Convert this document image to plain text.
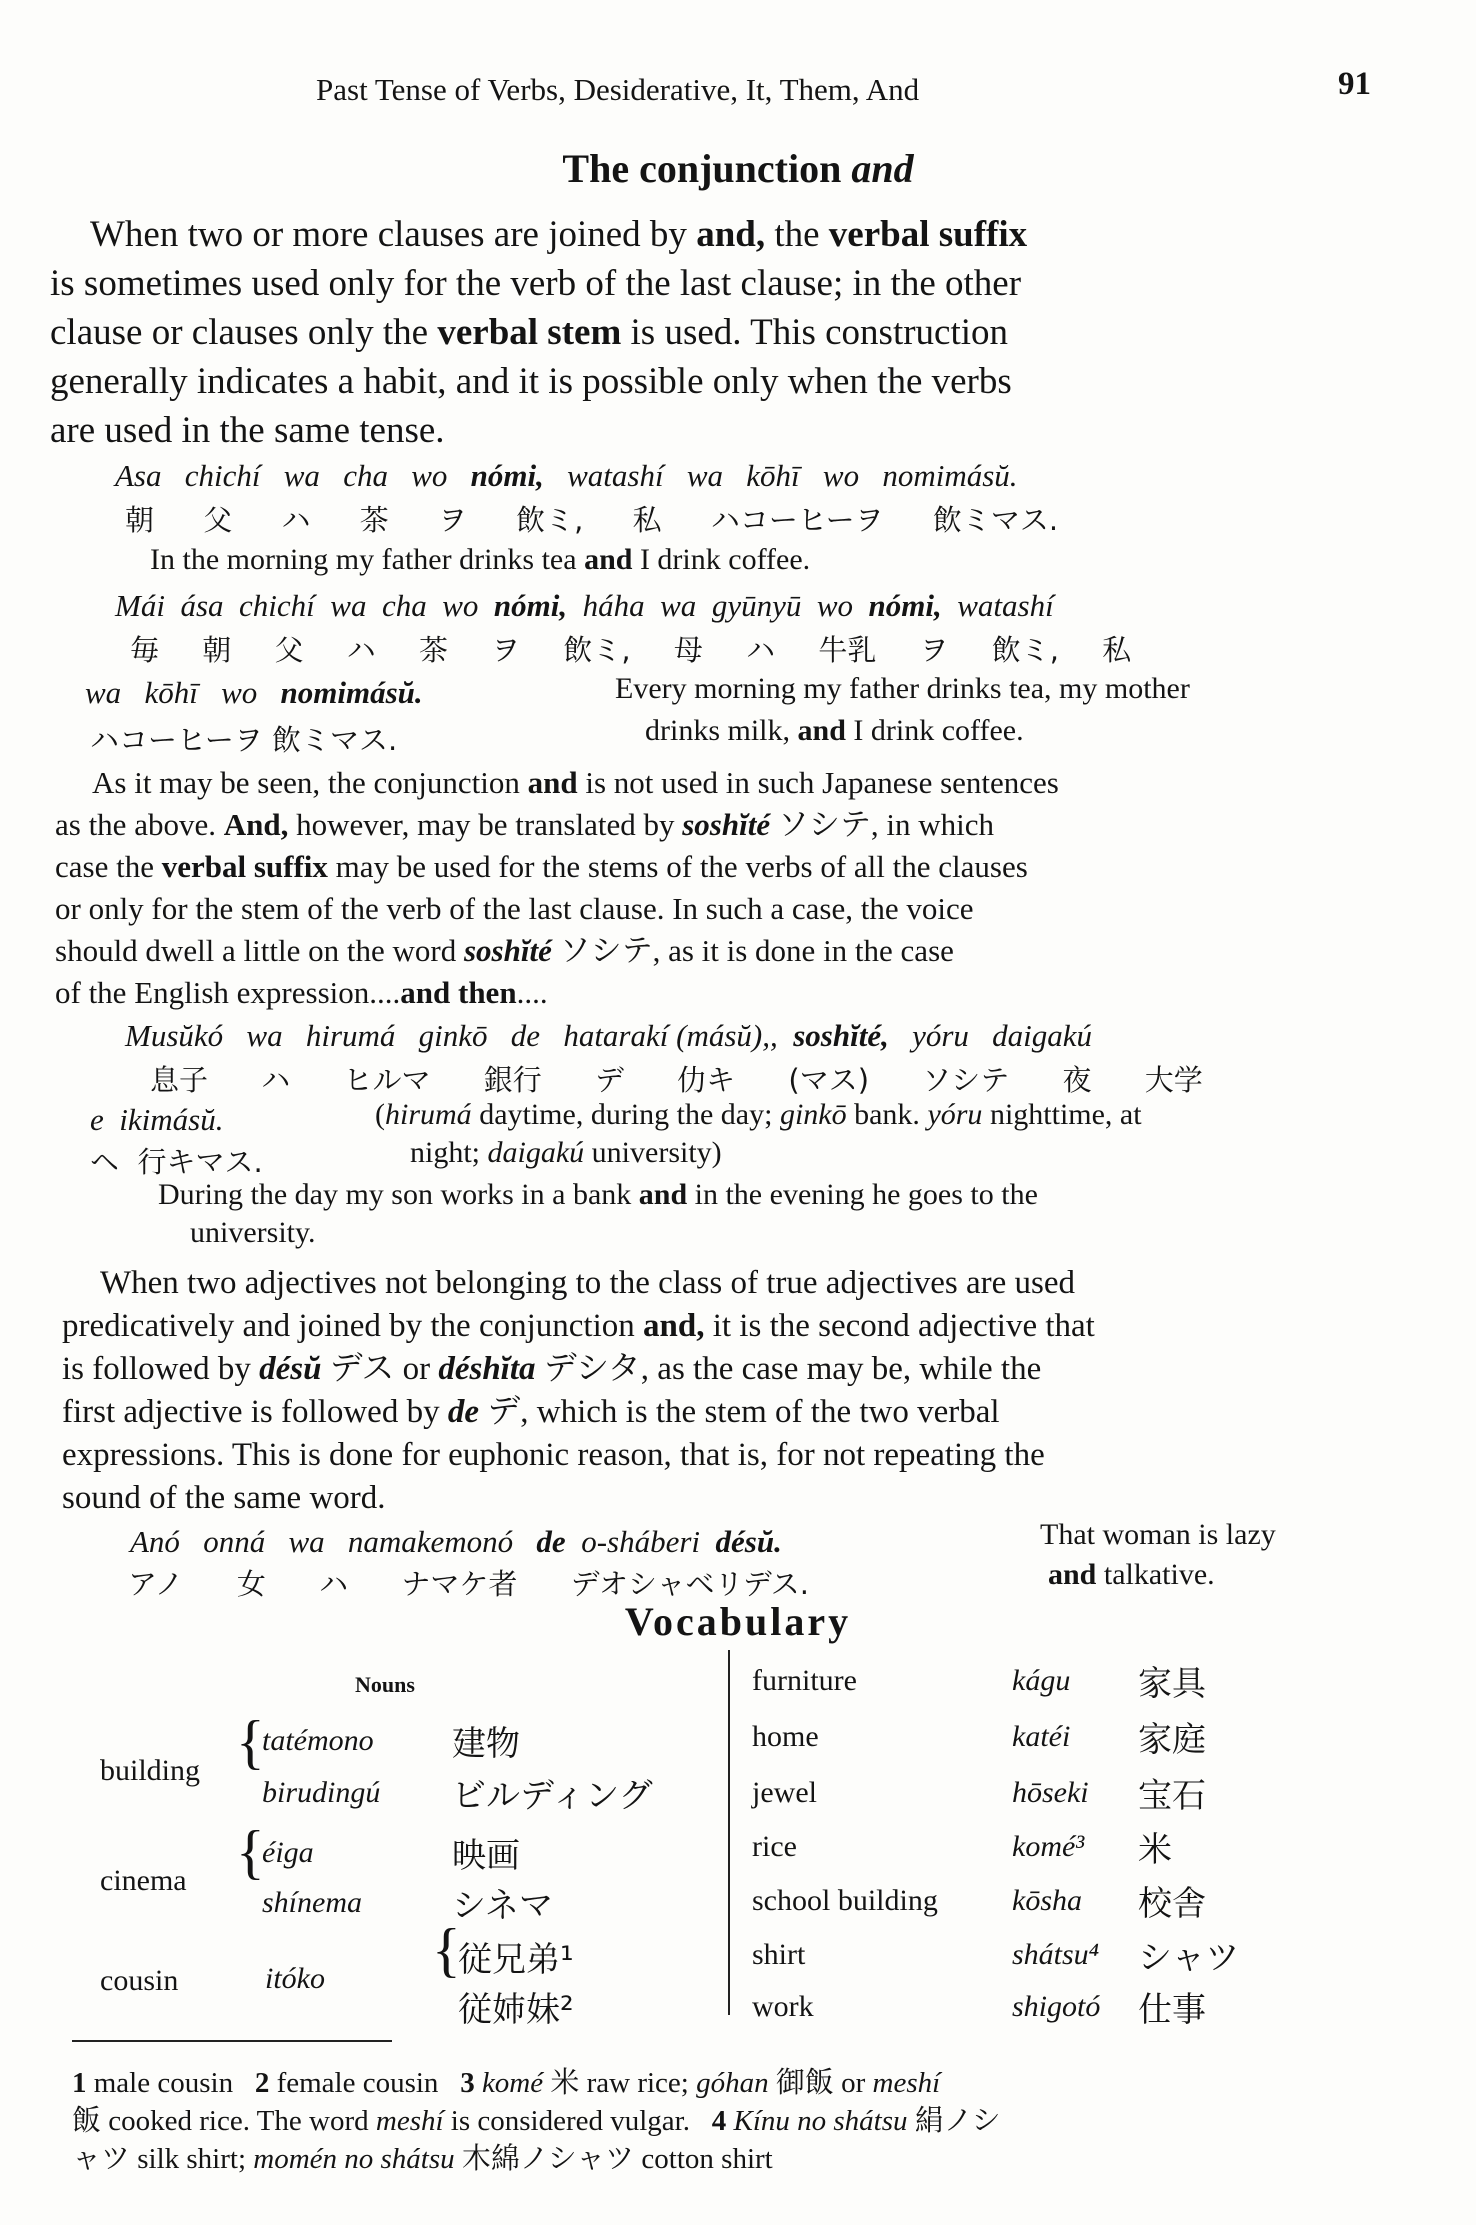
Past Tense of Verbs, Desiderative, It, Them, And	91
The conjunction and
When two or more clauses are joined by and, the verbal suffix
is sometimes used only for the verb of the last clause; in the other
clause or clauses only the verbal stem is used. This construction
generally indicates a habit, and it is possible only when the verbs
are used in the same tense.
Asa chichí wa cha wo nómi, watashí wa kōhī wo nomimásŭ.
朝 父 ハ 茶 ヲ 飲ミ, 私 ハコーヒーヲ 飲ミマス.
In the morning my father drinks tea and I drink coffee.
Mái ásа chichí wa cha wo nómi, háha wa gyūnyū wo nómi, watashí
毎 朝 父 ハ 茶 ヲ 飲ミ, 母 ハ 牛乳 ヲ 飲ミ, 私
wa kōhī wo nomimásŭ.	Every morning my father drinks tea, my mother
ハコーヒーヲ 飲ミマス.	drinks milk, and I drink coffee.
As it may be seen, the conjunction and is not used in such Japanese sentences
as the above. And, however, may be translated by soshĭté ソシテ, in which
case the verbal suffix may be used for the stems of the verbs of all the clauses
or only for the stem of the verb of the last clause. In such a case, the voice
should dwell a little on the word soshĭté ソシテ, as it is done in the case
of the English expression....and then....
Musŭkó wa hirumá ginkō de hatarakí (másŭ),,  soshĭté, yóru daigakú
息子 ハ ヒルマ 銀行 デ 仂キ (マス) ソシテ 夜 大学
e ikimásŭ.	(hirumá daytime, during the day; ginkō bank. yóru nighttime, at
ヘ 行キマス.	night; daigakú university)
During the day my son works in a bank and in the evening he goes to the
university.
When two adjectives not belonging to the class of true adjectives are used
predicatively and joined by the conjunction and, it is the second adjective that
is followed by désŭ デス or déshĭta デシタ, as the case may be, while the
first adjective is followed by de デ, which is the stem of the two verbal
expressions. This is done for euphonic reason, that is, for not repeating the
sound of the same word.
Anó onná wa namakemonó de o-sháberi désŭ.	That woman is lazy
アノ 女 ハ ナマケ者 デオシャベリデス.	and talkative.
Vocabulary
Nouns
building {
tatémono 建物
birudingú ビルディング
cinema {
éiga	映画
shínema	シネマ
cousin	itóko {
従兄弟¹
従姉妹²
furniture	kágu 家具
home	katéi 家庭
jewel	hōseki 宝石
rice	komé³ 米
school building kōsha 校舎
shirt	shátsu⁴ シャツ
work	shigotó 仕事
1 male cousin   2 female cousin   3 komé 米 raw rice; góhan 御飯 or meshí
飯 cooked rice. The word meshí is considered vulgar.   4 Kínu no shátsu 絹ノシ
ャツ silk shirt; momén no shátsu 木綿ノシャツ cotton shirt
